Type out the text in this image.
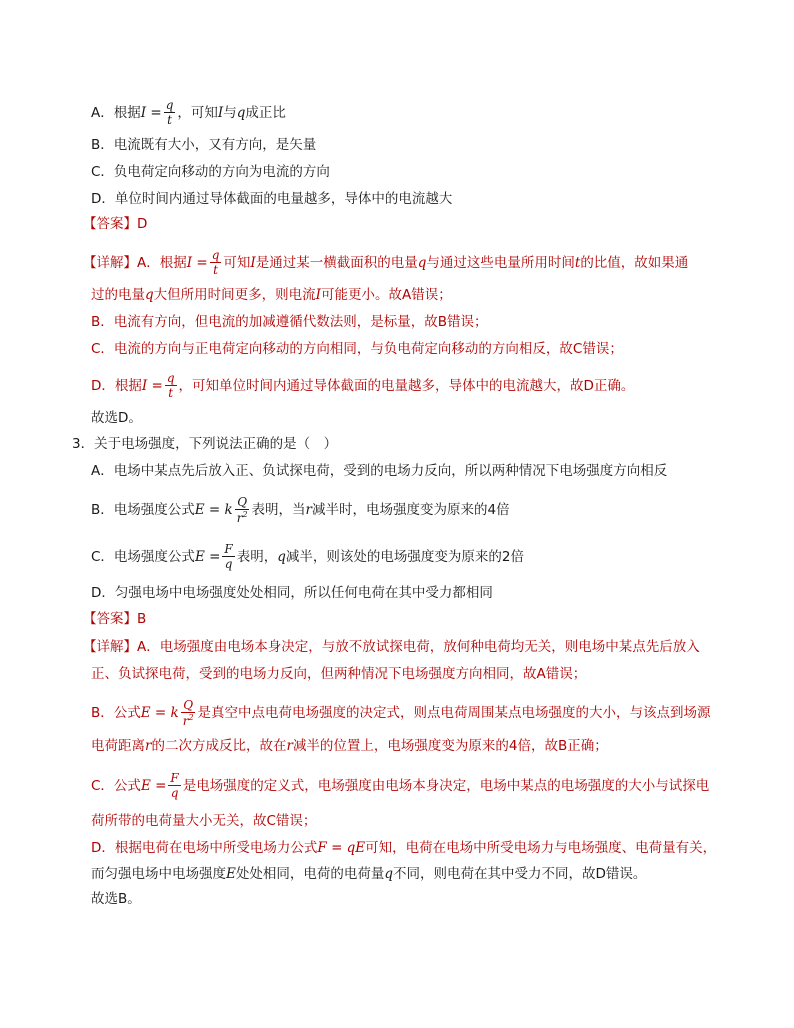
A．根据 $I = \frac{q}{t}$ ，可知 I 与 q 成正比
B．电流既有大小，又有方向，是矢量
C．负电荷定向移动的方向为电流的方向
D．单位时间内通过导体截面的电量越多，导体中的电流越大
【答案】D
【详解】 A．根据 $I = \frac{q}{t}$ 可知 I 是通过某一横截面积的电量 q 与通过这些电量所用时间 t 的比值，故如果通
过的电量 q 大但所用时间更多，则电流 I 可能更小。故A错误；
B．电流有方向，但电流的加减遵循代数法则，是标量，故B错误；
C．电流的方向与正电荷定向移动的方向相同，与负电荷定向移动的方向相反，故C错误；
D．根据 $I = \frac{q}{t}$ ，可知单位时间内通过导体截面的电量越多，导体中的电流越大，故D正确。
故选D。
3．关于电场强度，下列说法正确的是（　）
A．电场中某点先后放入正、负试探电荷，受到的电场力反向，所以两种情况下电场强度方向相反
B．电场强度公式 E = k $\frac{Q}{r^2}$ 表明，当 r 减半时，电场强度变为原来的4倍
C．电场强度公式 $E = \frac{F}{q}$ 表明， q 减半，则该处的电场强度变为原来的2倍
D．匀强电场中电场强度处处相同，所以任何电荷在其中受力都相同
【答案】B
【详解】A．电场强度由电场本身决定，与放不放试探电荷，放何种电荷均无关，则电场中某点先后放入
正、负试探电荷，受到的电场力反向，但两种情况下电场强度方向相同，故A错误；
B．公式 E = k $\frac{Q}{r^2}$ 是真空中点电荷电场强度的决定式，则点电荷周围某点电场强度的大小，与该点到场源
电荷距离 r 的二次方成反比，故在 r 减半的位置上，电场强度变为原来的4倍，故B正确；
C．公式 $E = \frac{F}{q}$ 是电场强度的定义式，电场强度由电场本身决定，电场中某点的电场强度的大小与试探电
荷所带的电荷量大小无关，故C错误；
D．根据电荷在电场中所受电场力公式 F = qE 可知，电荷在电场中所受电场力与电场强度、电荷量有关，
而匀强电场中电场强度 E 处处相同，电荷的电荷量 q 不同，则电荷在其中受力不同，故D错误。
故选B。
